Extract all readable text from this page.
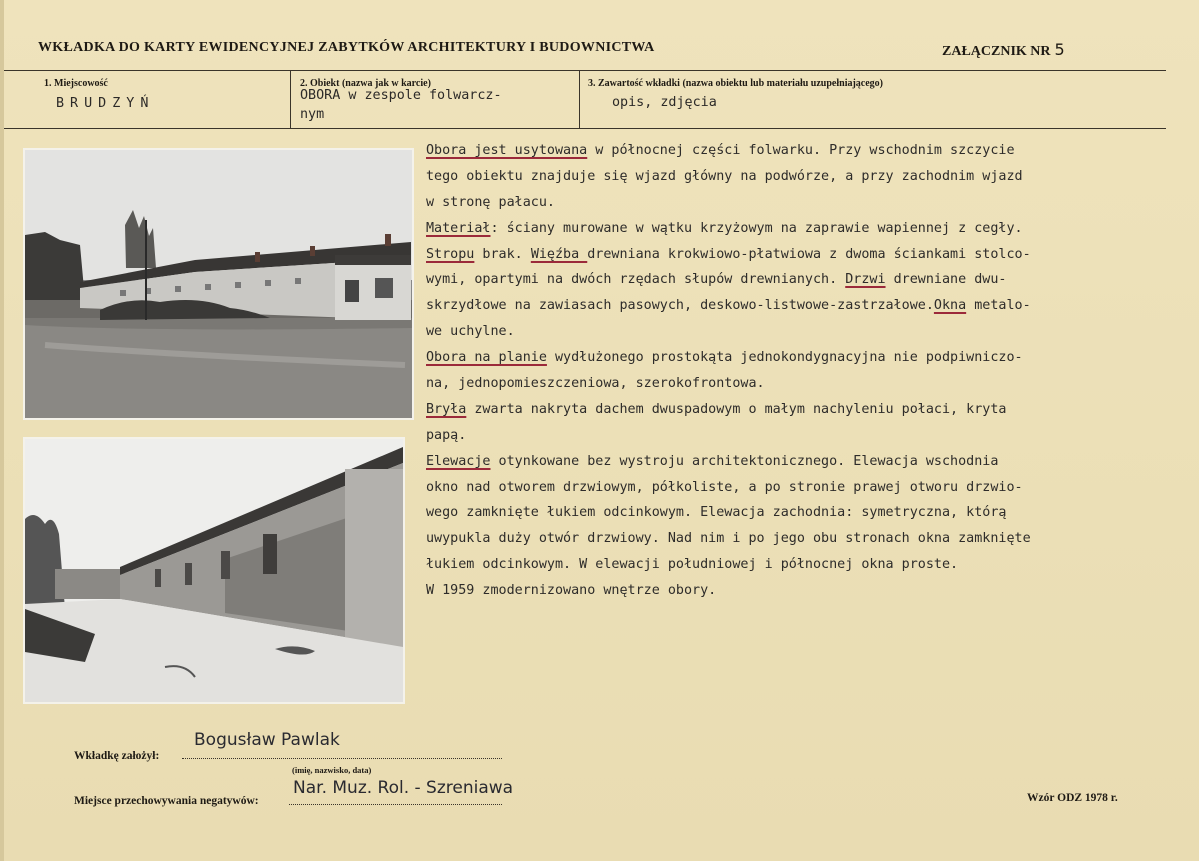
WKŁADKA DO KARTY EWIDENCYJNEJ ZABYTKÓW ARCHITEKTURY I BUDOWNICTWA	ZAŁĄCZNIK NR 5
1. Miejscowość
BRUDZYŃ
2. Obiekt (nazwa jak w karcie)
OBORA w zespole folwarcz-
nym
3. Zawartość wkładki (nazwa obiektu lub materiału uzupełniającego)
opis, zdjęcia
Obora jest usytowana w północnej części folwarku. Przy wschodnim szczycie
tego obiektu znajduje się wjazd główny na podwórze, a przy zachodnim wjazd
w stronę pałacu.
Materiał: ściany murowane w wątku krzyżowym na zaprawie wapiennej z cegły.
Stropu brak. Więźba drewniana krokwiowo-płatwiowa z dwoma ściankami stolco-
wymi, opartymi na dwóch rzędach słupów drewnianych. Drzwi drewniane dwu-
skrzydłowe na zawiasach pasowych, deskowo-listwowe-zastrzałowe.Okna metalo-
we uchylne.
Obora na planie wydłużonego prostokąta jednokondygnacyjna nie podpiwniczo-
na, jednopomieszczeniowa, szerokofrontowa.
Bryła zwarta nakryta dachem dwuspadowym o małym nachyleniu połaci, kryta
papą.
Elewacje otynkowane bez wystroju architektonicznego. Elewacja wschodnia
okno nad otworem drzwiowym, półkoliste, a po stronie prawej otworu drzwio-
wego zamknięte łukiem odcinkowym. Elewacja zachodnia: symetryczna, którą
uwypukla duży otwór drzwiowy. Nad nim i po jego obu stronach okna zamknięte
łukiem odcinkowym. W elewacji południowej i północnej okna proste.
W 1959 zmodernizowano wnętrze obory.
Wkładkę założył:
Bogusław Pawlak
(imię, nazwisko, data)
Miejsce przechowywania negatywów:
Nar. Muz. Rol. - Szreniawa	Wzór ODZ 1978 r.
